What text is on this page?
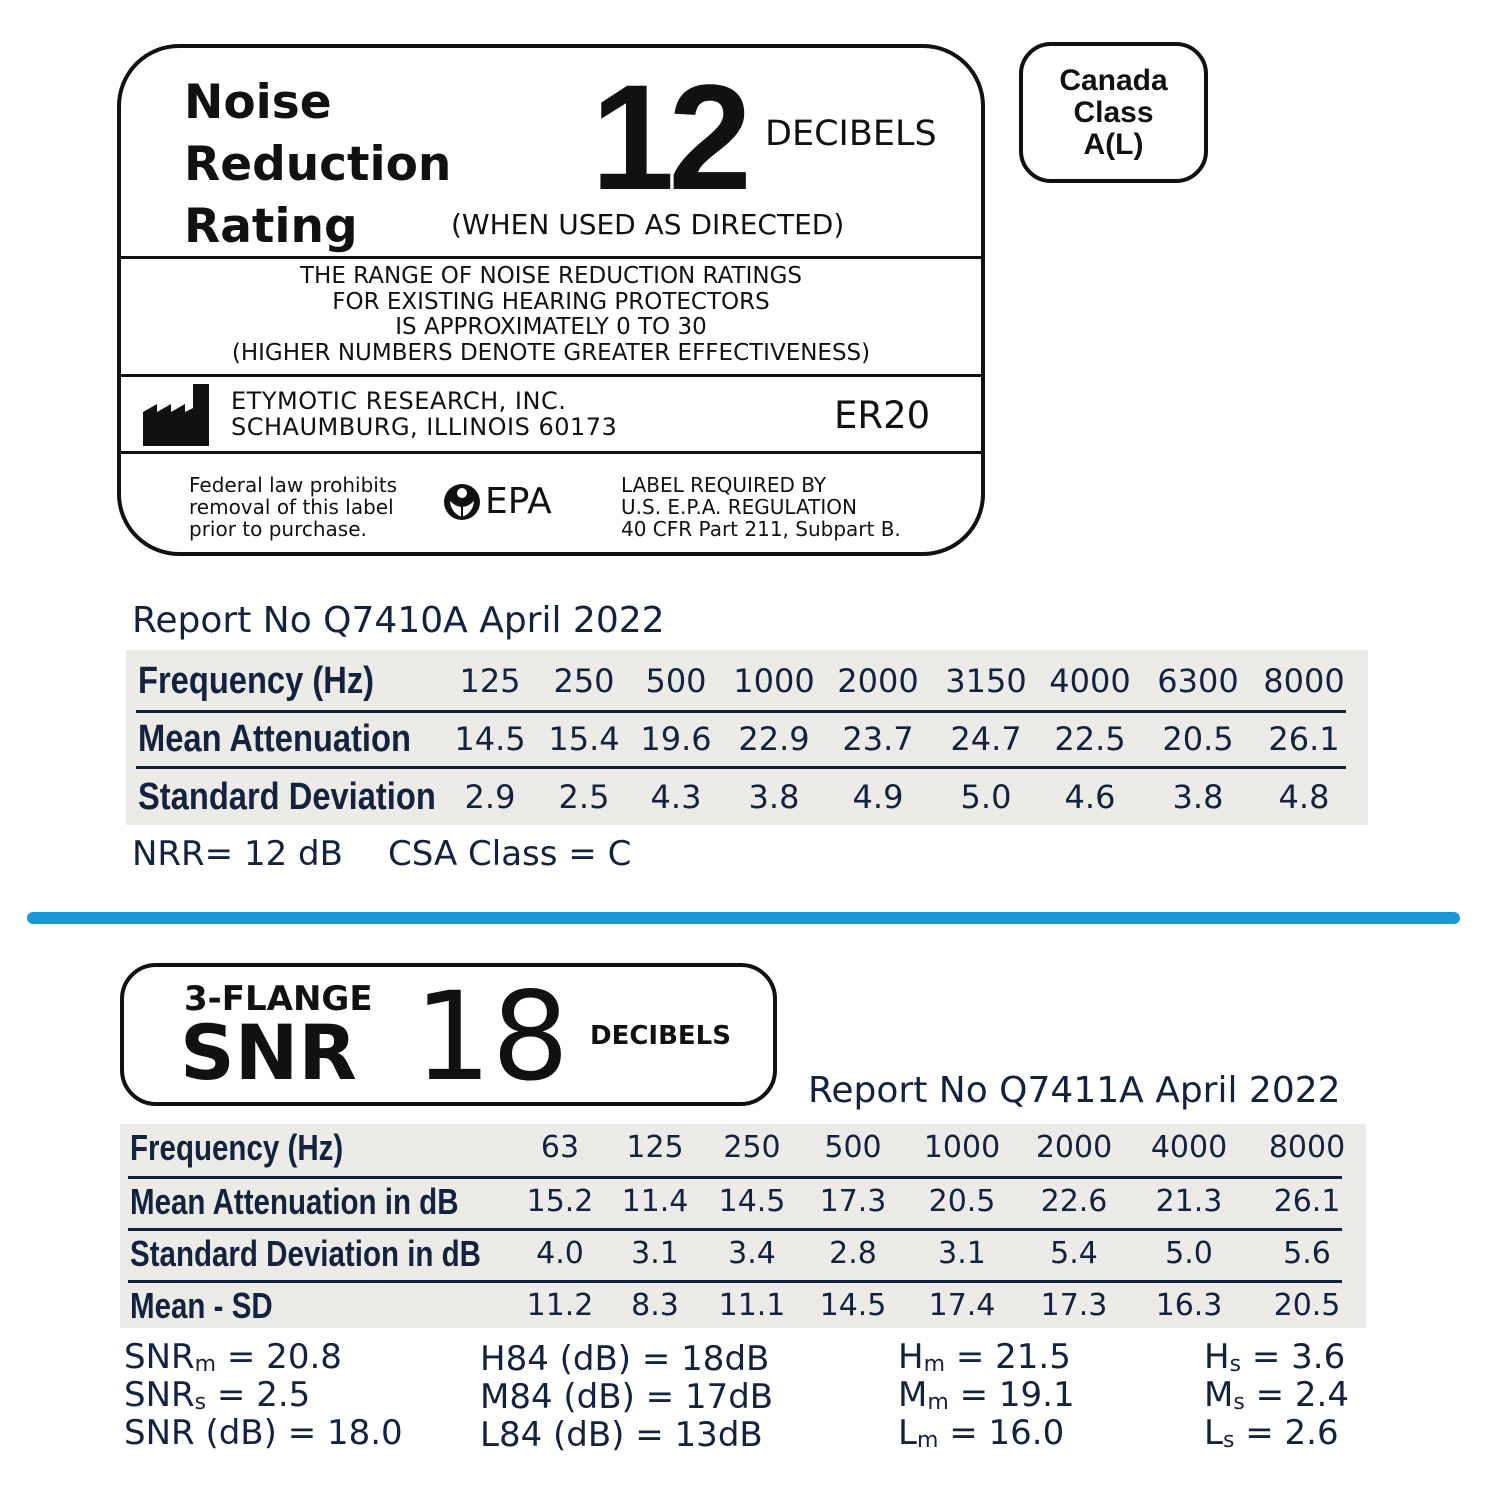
Noise
Reduction
Rating
12 DECIBELS
(WHEN USED AS DIRECTED)
THE RANGE OF NOISE REDUCTION RATINGS
FOR EXISTING HEARING PROTECTORS
IS APPROXIMATELY 0 TO 30
(HIGHER NUMBERS DENOTE GREATER EFFECTIVENESS)
ETYMOTIC RESEARCH, INC.
SCHAUMBURG, ILLINOIS 60173	ER20
Federal law prohibits
removal of this label
prior to purchase.
EPA	LABEL REQUIRED BY
U.S. E.P.A. REGULATION
40 CFR Part 211, Subpart B.
Canada
Class
A(L)
Report No Q7410A April 2022
Frequency (Hz)	125 250 500 1000 2000 3150 4000 6300 8000
Mean Attenuation 14.5 15.4 19.6 22.9 23.7 24.7 22.5 20.5 26.1
Standard Deviation 2.9 2.5 4.3 3.8 4.9 5.0 4.6 3.8 4.8
NRR= 12 dB CSA Class = C
3-FLANGE
SNR 18 DECIBELS
Report No Q7411A April 2022
Frequency (Hz)	63 125 250 500 1000 2000 4000 8000
Mean Attenuation in dB 15.2 11.4 14.5 17.3 20.5 22.6 21.3 26.1
Standard Deviation in dB 4.0 3.1 3.4 2.8 3.1 5.4 5.0 5.6
Mean - SD	11.2 8.3 11.1 14.5 17.4 17.3 16.3 20.5
$SNR_m = 20.8$
$SNR_s = 2.5$
SNR (dB) = 18.0
H84 (dB) = 18dB
M84 (dB) = 17dB
L84 (dB) = 13dB
$H_m = 21.5$
$M_m = 19.1$
$L_m = 16.0$
$H_s = 3.6$
$M_s = 2.4$
$L_s = 2.6$
